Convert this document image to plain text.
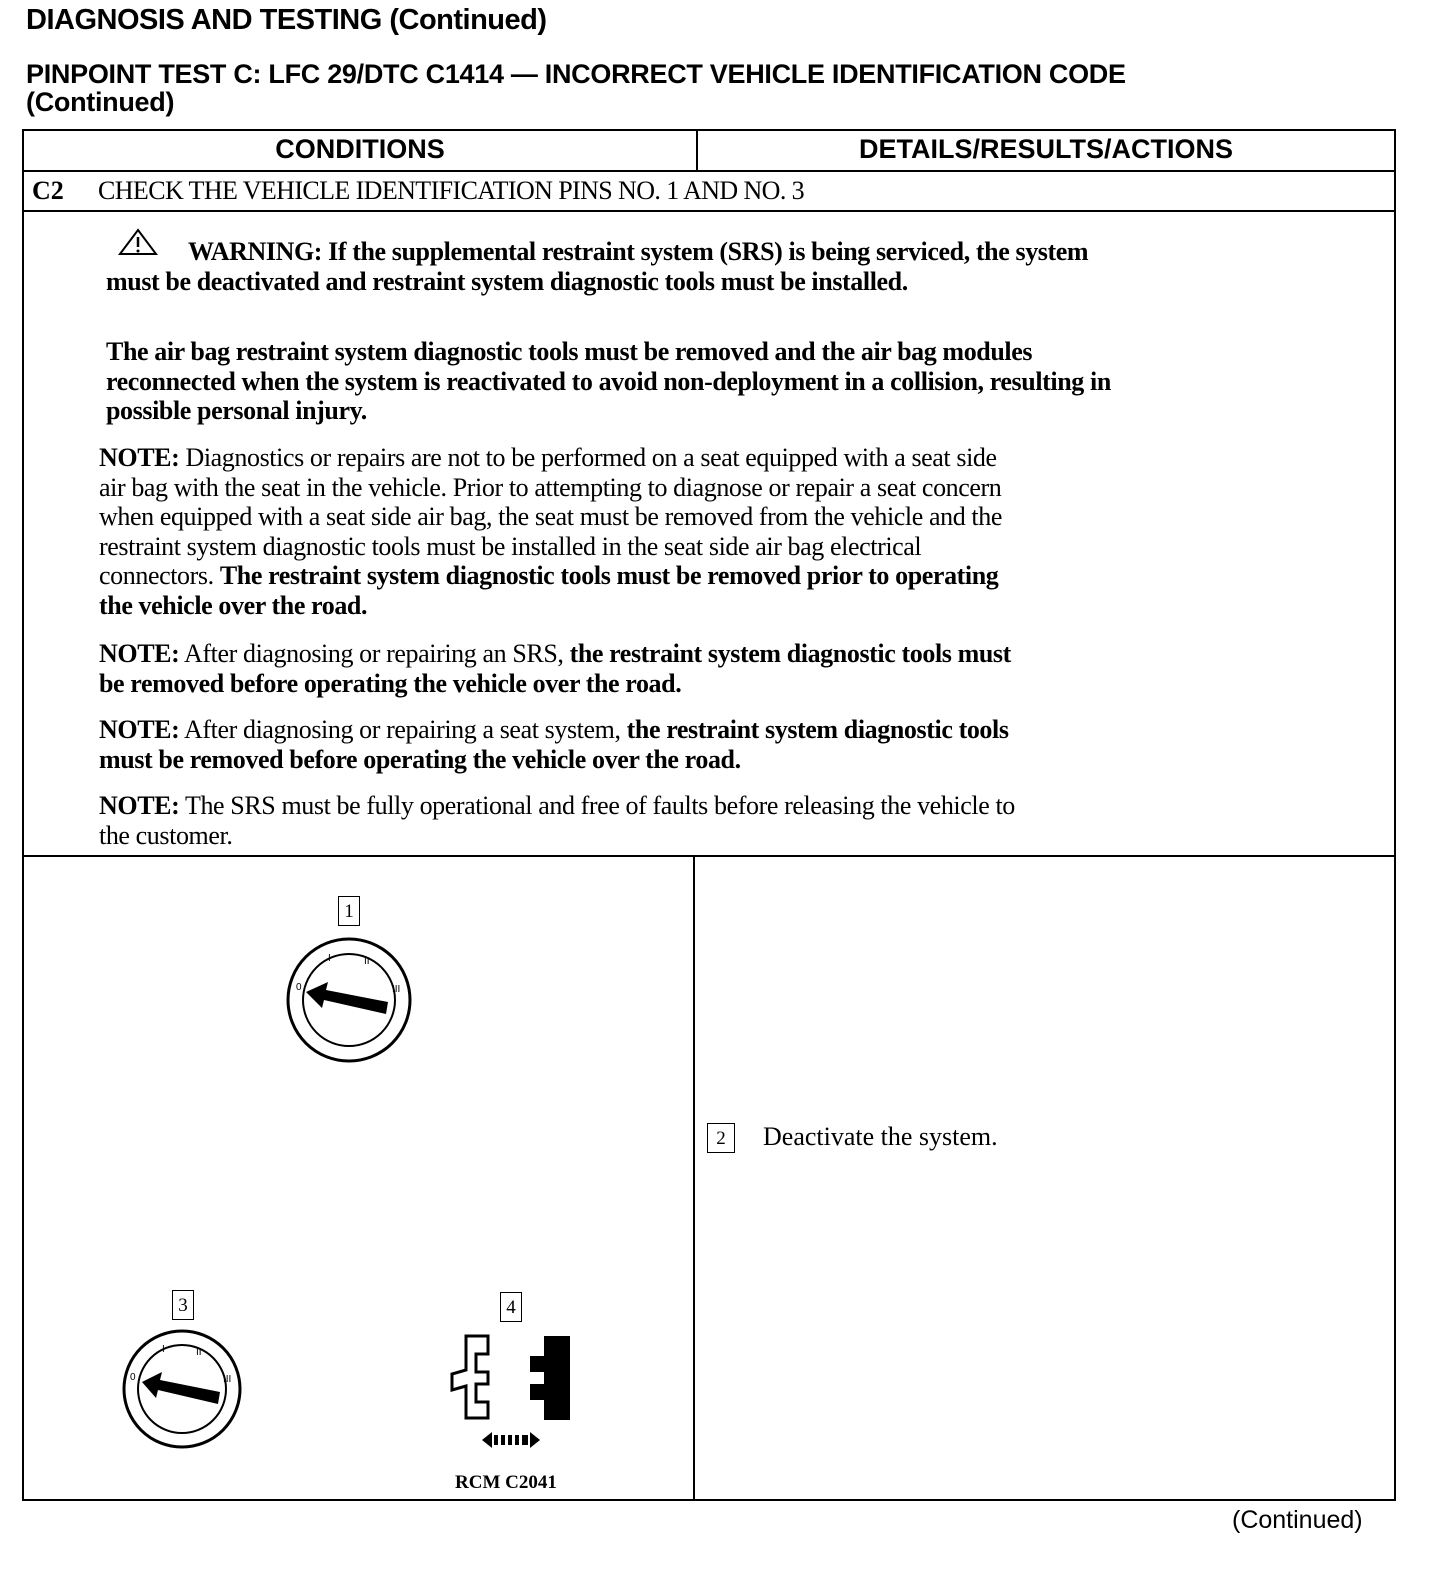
DIAGNOSIS AND TESTING (Continued)
PINPOINT TEST C: LFC 29/DTC C1414 — INCORRECT VEHICLE IDENTIFICATION CODE
(Continued)
CONDITIONS	DETAILS/RESULTS/ACTIONS
C2 CHECK THE VEHICLE IDENTIFICATION PINS NO. 1 AND NO. 3
WARNING: If the supplemental restraint system (SRS) is being serviced, the system
must be deactivated and restraint system diagnostic tools must be installed.
The air bag restraint system diagnostic tools must be removed and the air bag modules
reconnected when the system is reactivated to avoid non-deployment in a collision, resulting in
possible personal injury.
NOTE: Diagnostics or repairs are not to be performed on a seat equipped with a seat side
air bag with the seat in the vehicle. Prior to attempting to diagnose or repair a seat concern
when equipped with a seat side air bag, the seat must be removed from the vehicle and the
restraint system diagnostic tools must be installed in the seat side air bag electrical
connectors. The restraint system diagnostic tools must be removed prior to operating
the vehicle over the road.
NOTE: After diagnosing or repairing an SRS, the restraint system diagnostic tools must
be removed before operating the vehicle over the road.
NOTE: After diagnosing or repairing a seat system, the restraint system diagnostic tools
must be removed before operating the vehicle over the road.
NOTE: The SRS must be fully operational and free of faults before releasing the vehicle to
the customer.
1
0
I	II
III
3
0
I	II
III
4
RCM C2041
2	Deactivate the system.
(Continued)
